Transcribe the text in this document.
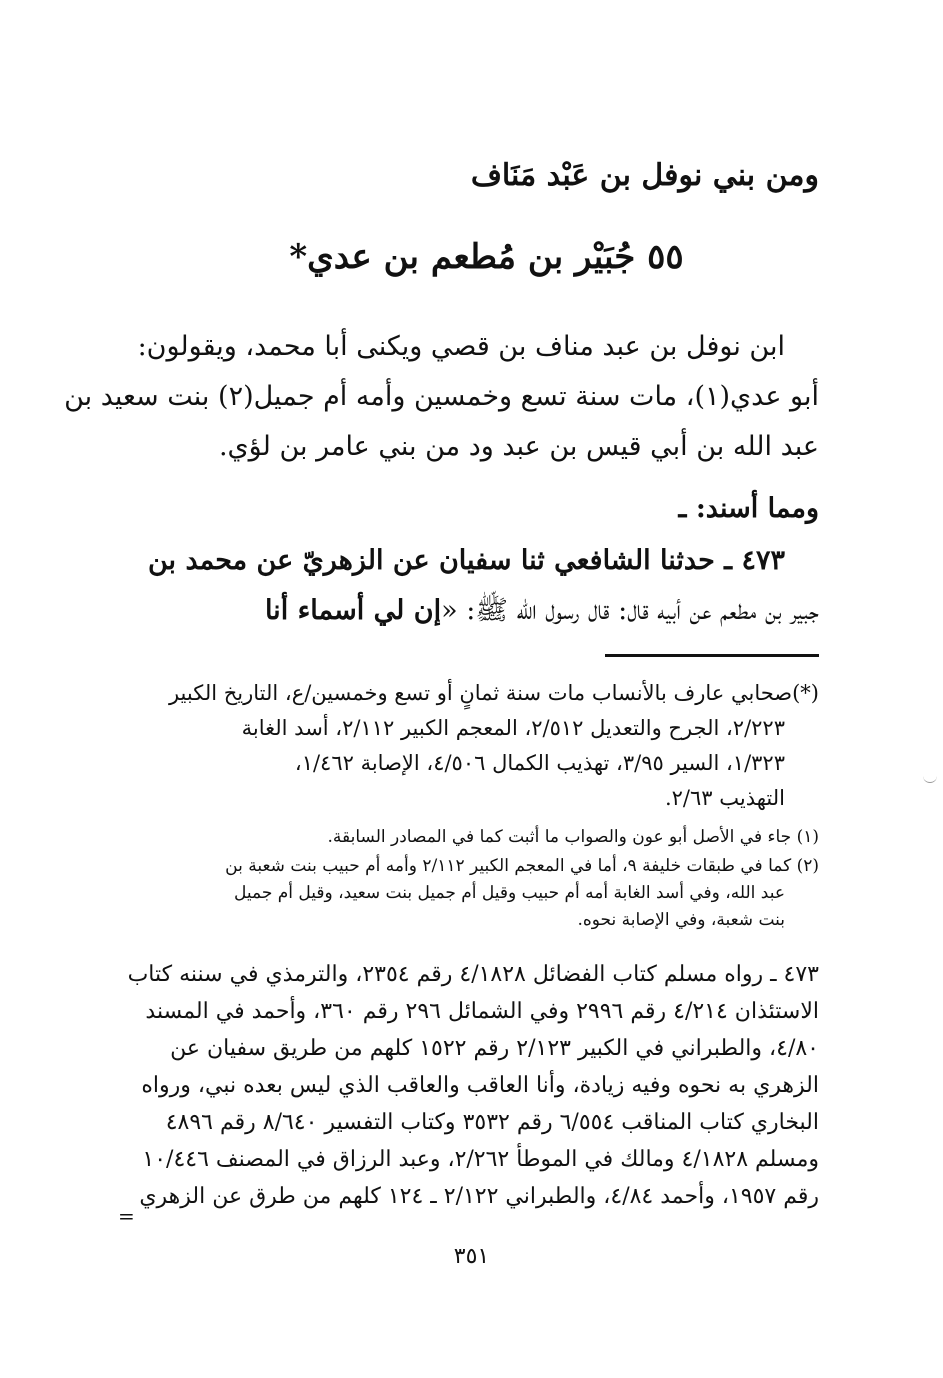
ومن بني نوفل بن عَبْد مَنَاف
٥٥ جُبَيْر بن مُطعم بن عدي*
ابن نوفل بن عبد مناف بن قصي ويكنى أبا محمد، ويقولون:
أبو عدي(١)، مات سنة تسع وخمسين وأمه أم جميل(٢) بنت سعيد بن
عبد الله بن أبي قيس بن عبد ود من بني عامر بن لؤي.
ومما أسند: ـ
٤٧٣ ـ حدثنا الشافعي ثنا سفيان عن الزهريّ عن محمد بن
جبير بن مطعم عن أبيه قال: قال رسول الله ﷺ: «إن لي أسماء أنا
(*)صحابي عارف بالأنساب مات سنة ثمانٍ أو تسع وخمسين/ع، التاريخ الكبير
٢/٢٢٣، الجرح والتعديل ٢/٥١٢، المعجم الكبير ٢/١١٢، أسد الغابة
١/٣٢٣، السير ٣/٩٥، تهذيب الكمال ٤/٥٠٦، الإصابة ١/٤٦٢،
التهذيب ٢/٦٣.
(١) جاء في الأصل أبو عون والصواب ما أثبت كما في المصادر السابقة.
(٢) كما في طبقات خليفة ٩، أما في المعجم الكبير ٢/١١٢ وأمه أم حبيب بنت شعبة بن
عبد الله، وفي أسد الغابة أمه أم حبيب وقيل أم جميل بنت سعيد، وقيل أم جميل
بنت شعبة، وفي الإصابة نحوه.
٤٧٣ ـ رواه مسلم كتاب الفضائل ٤/١٨٢٨ رقم ٢٣٥٤، والترمذي في سننه كتاب
الاستئذان ٤/٢١٤ رقم ٢٩٩٦ وفي الشمائل ٢٩٦ رقم ٣٦٠، وأحمد في المسند
٤/٨٠، والطبراني في الكبير ٢/١٢٣ رقم ١٥٢٢ كلهم من طريق سفيان عن
الزهري به نحوه وفيه زيادة، وأنا العاقب والعاقب الذي ليس بعده نبي، ورواه
البخاري كتاب المناقب ٦/٥٥٤ رقم ٣٥٣٢ وكتاب التفسير ٨/٦٤٠ رقم ٤٨٩٦
ومسلم ٤/١٨٢٨ ومالك في الموطأ ٢/٢٦٢، وعبد الرزاق في المصنف ١٠/٤٤٦
رقم ١٩٥٧، وأحمد ٤/٨٤، والطبراني ٢/١٢٢ ـ ١٢٤ كلهم من طرق عن الزهري
=
٣٥١
